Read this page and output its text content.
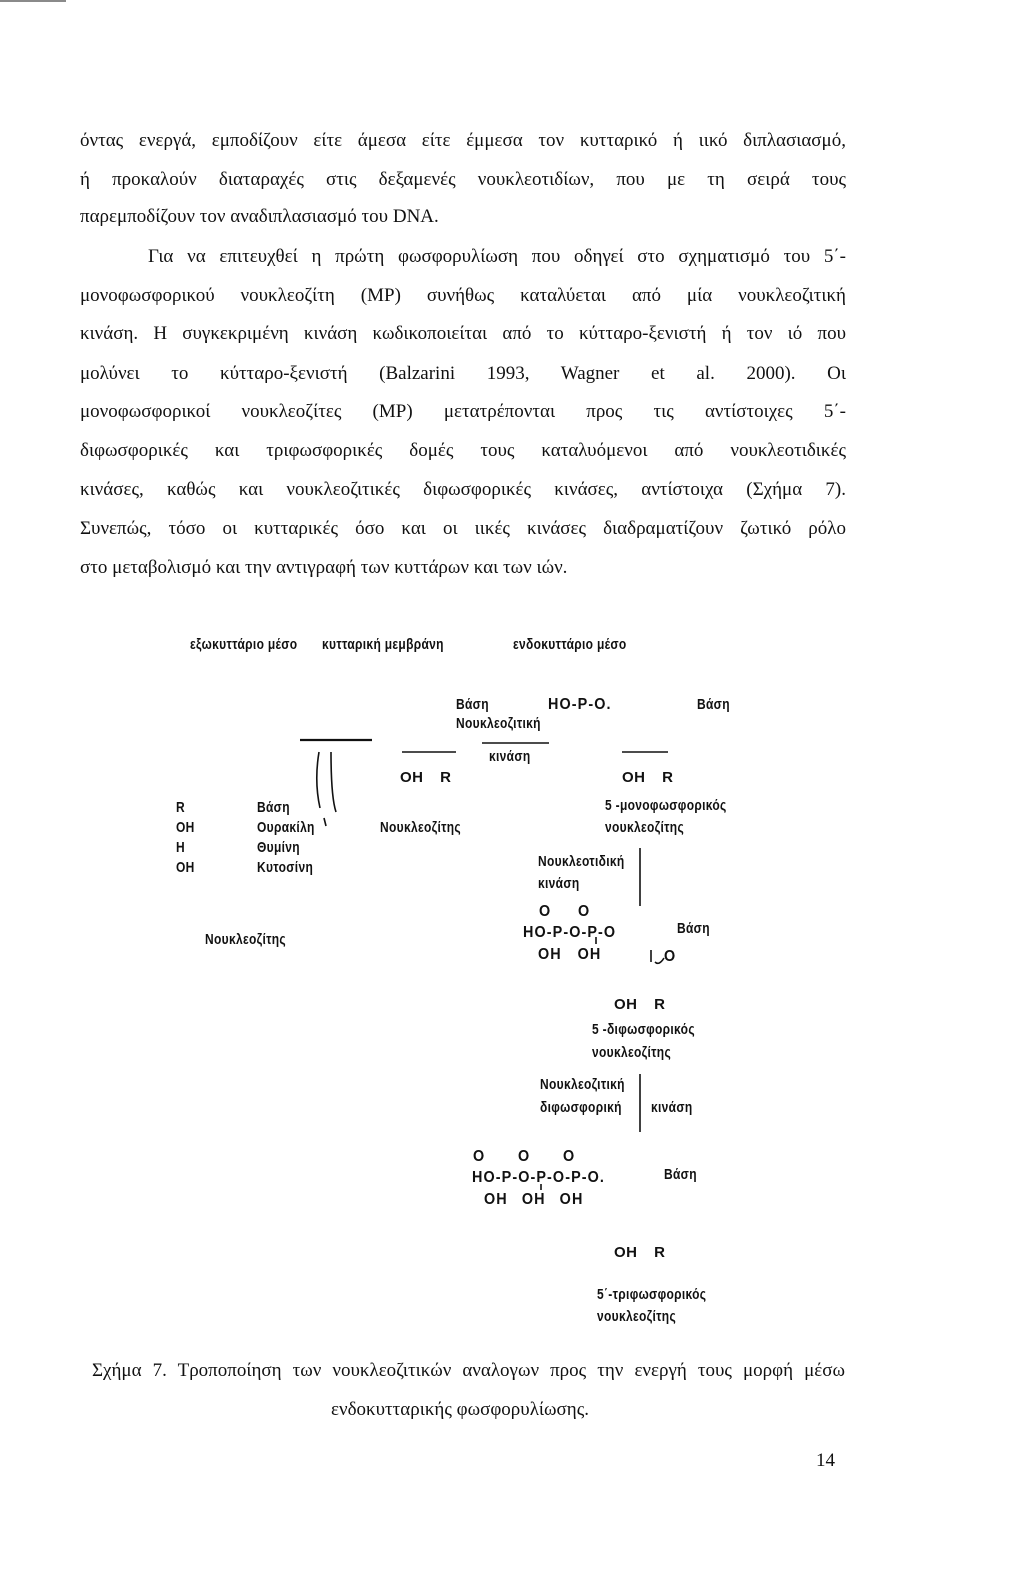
όντας ενεργά, εμποδίζουν είτε άμεσα είτε έμμεσα τον κυτταρικό ή ιικό διπλασιασμό,
ή προκαλούν διαταραχές στις δεξαμενές νουκλεοτιδίων, που με τη σειρά τους
παρεμποδίζουν τον αναδιπλασιασμό του DNA.
Για να επιτευχθεί η πρώτη φωσφορυλίωση που οδηγεί στο σχηματισμό του 5΄-
μονοφωσφορικού νουκλεοζίτη (MP) συνήθως καταλύεται από μία νουκλεοζιτική
κινάση. Η συγκεκριμένη κινάση κωδικοποιείται από το κύτταρο-ξενιστή ή τον ιό που
μολύνει το κύτταρο-ξενιστή (Balzarini 1993, Wagner et al. 2000). Οι
μονοφωσφορικοί νουκλεοζίτες (MP) μετατρέπονται προς τις αντίστοιχες 5΄-
διφωσφορικές και τριφωσφορικές δομές τους καταλυόμενοι από νουκλεοτιδικές
κινάσες, καθώς και νουκλεοζιτικές διφωσφορικές κινάσες, αντίστοιχα (Σχήμα 7).
Συνεπώς, τόσο οι κυτταρικές όσο και οι ιικές κινάσες διαδραματίζουν ζωτικό ρόλο
στο μεταβολισμό και την αντιγραφή των κυττάρων και των ιών.
εξωκυττάριο μέσο κυτταρική μεμβράνη	ενδοκυττάριο μέσο
R
OH
H
OH
Βάση
Ουρακίλη
Θυμίνη
Κυτοσίνη
Νουκλεοζίτης
Βάση	HO-P-O.	Βάση
Νουκλεοζιτική
κινάση
OH R	OH R
Νουκλεοζίτης
5 -μονοφωσφορικός
νουκλεοζίτης
Νουκλεοτιδική
κινάση
O O
HO-P-O-P-O
OH OH	O
Βάση
OH R
5 -διφωσφορικός
νουκλεοζίτης
Νουκλεοζιτική
διφωσφορική κινάση
O O O
HO-P-O-P-O-P-O.
OH OH OH
Βάση
OH R
5΄-τριφωσφορικός
νουκλεοζίτης
Σχήμα 7. Τροποποίηση των νουκλεοζιτικών αναλογων προς την ενεργή τους μορφή μέσω
ενδοκυτταρικής φωσφορυλίωσης.
14
